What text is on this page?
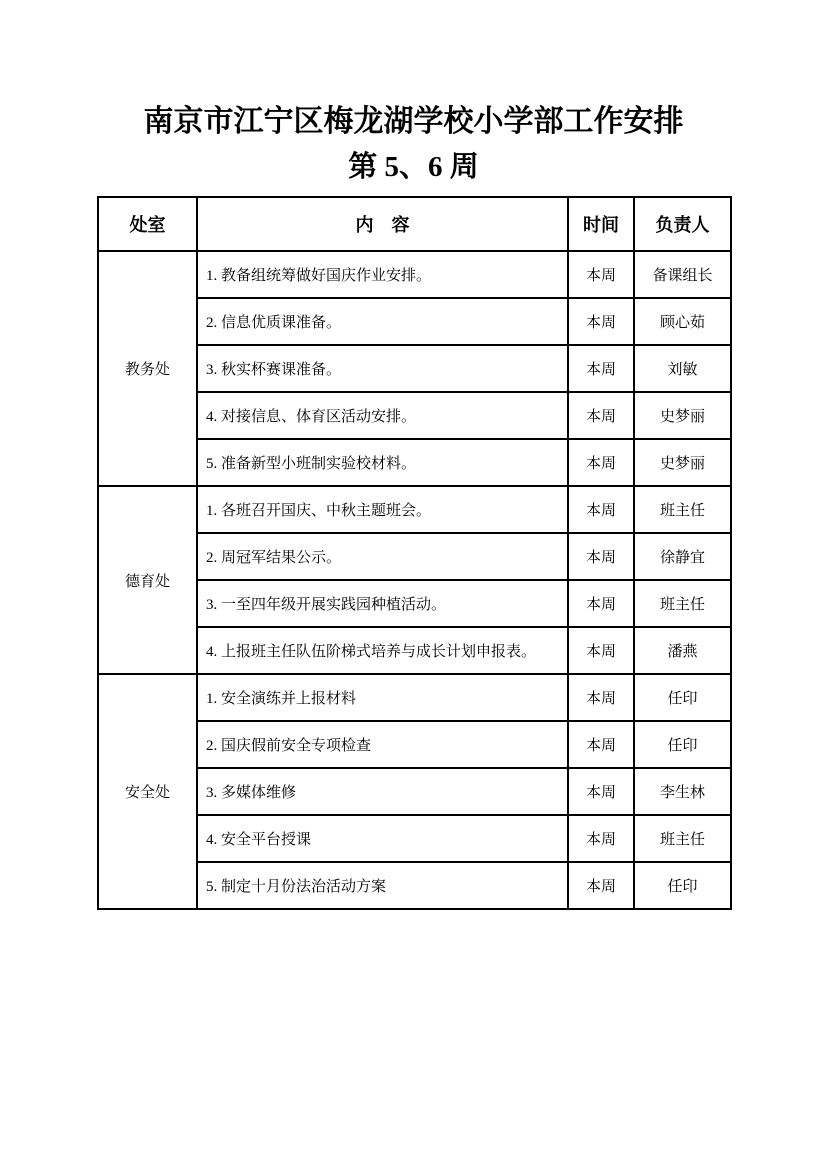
南京市江宁区梅龙湖学校小学部工作安排
第 5、6 周
处室	内　容	时间	负责人
教务处	1. 教备组统筹做好国庆作业安排。	本周	备课组长
	2. 信息优质课准备。	本周	顾心茹
	3. 秋实杯赛课准备。	本周	刘敏
	4. 对接信息、体育区活动安排。	本周	史梦丽
	5. 准备新型小班制实验校材料。	本周	史梦丽
德育处	1. 各班召开国庆、中秋主题班会。	本周	班主任
	2. 周冠军结果公示。	本周	徐静宜
	3. 一至四年级开展实践园种植活动。	本周	班主任
	4. 上报班主任队伍阶梯式培养与成长计划申报表。	本周	潘燕
安全处	1. 安全演练并上报材料	本周	任印
	2. 国庆假前安全专项检查	本周	任印
	3. 多媒体维修	本周	李生林
	4. 安全平台授课	本周	班主任
	5. 制定十月份法治活动方案	本周	任印
